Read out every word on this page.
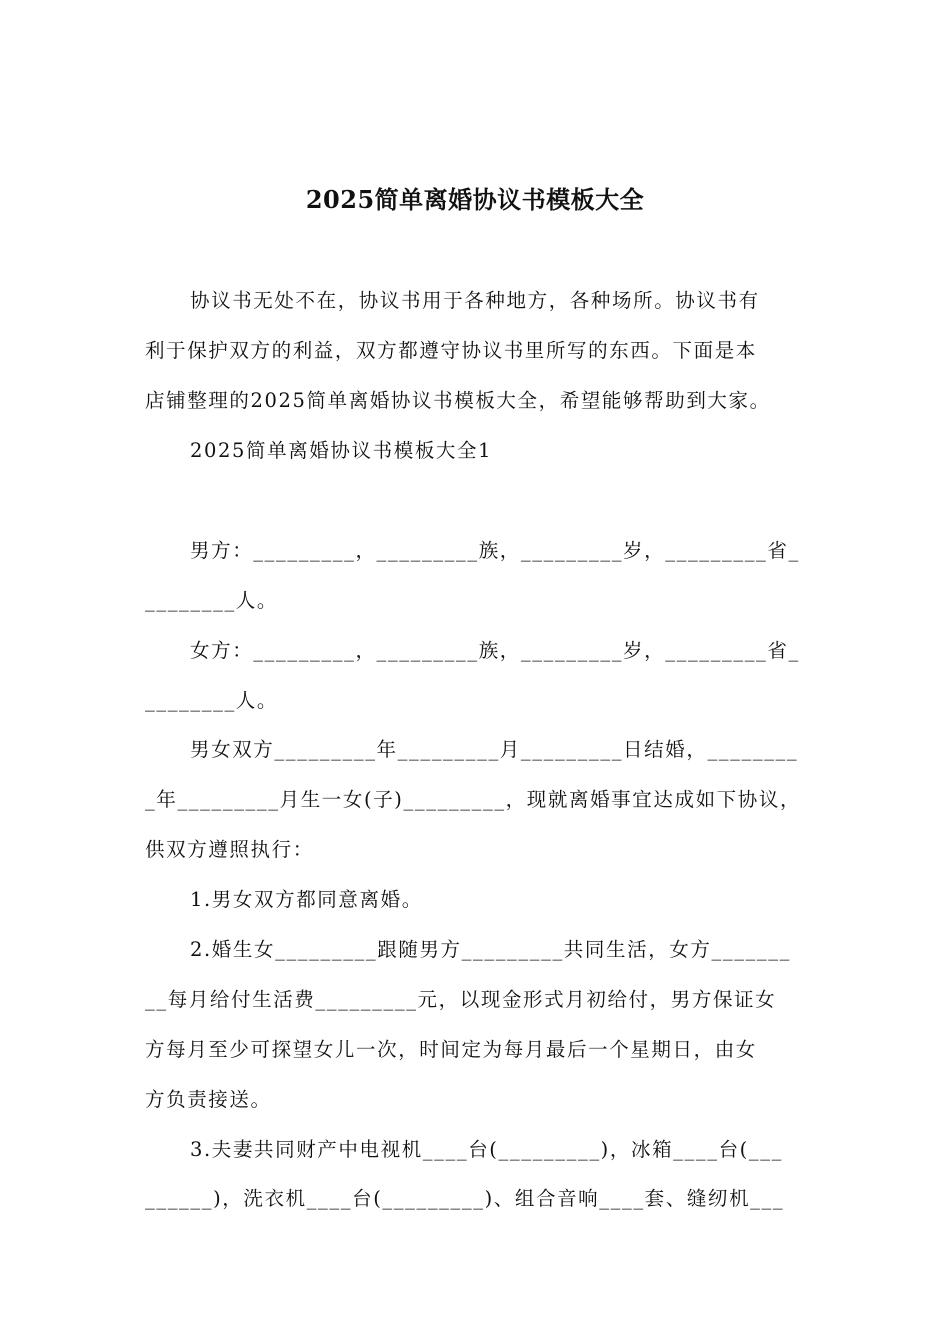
2025简单离婚协议书模板大全
协议书无处不在，协议书用于各种地方，各种场所。协议书有
利于保护双方的利益，双方都遵守协议书里所写的东西。下面是本
店铺整理的2025简单离婚协议书模板大全，希望能够帮助到大家。
2025简单离婚协议书模板大全1
男方：_________，_________族，_________岁，_________省_
________人。
女方：_________，_________族，_________岁，_________省_
________人。
男女双方_________年_________月_________日结婚，________
_年_________月生一女(子)_________，现就离婚事宜达成如下协议，
供双方遵照执行：
1.男女双方都同意离婚。
2.婚生女_________跟随男方_________共同生活，女方_______
__每月给付生活费_________元，以现金形式月初给付，男方保证女
方每月至少可探望女儿一次，时间定为每月最后一个星期日，由女
方负责接送。
3.夫妻共同财产中电视机____台(_________)，冰箱____台(___
______)，洗衣机____台(_________)、组合音响____套、缝纫机___
